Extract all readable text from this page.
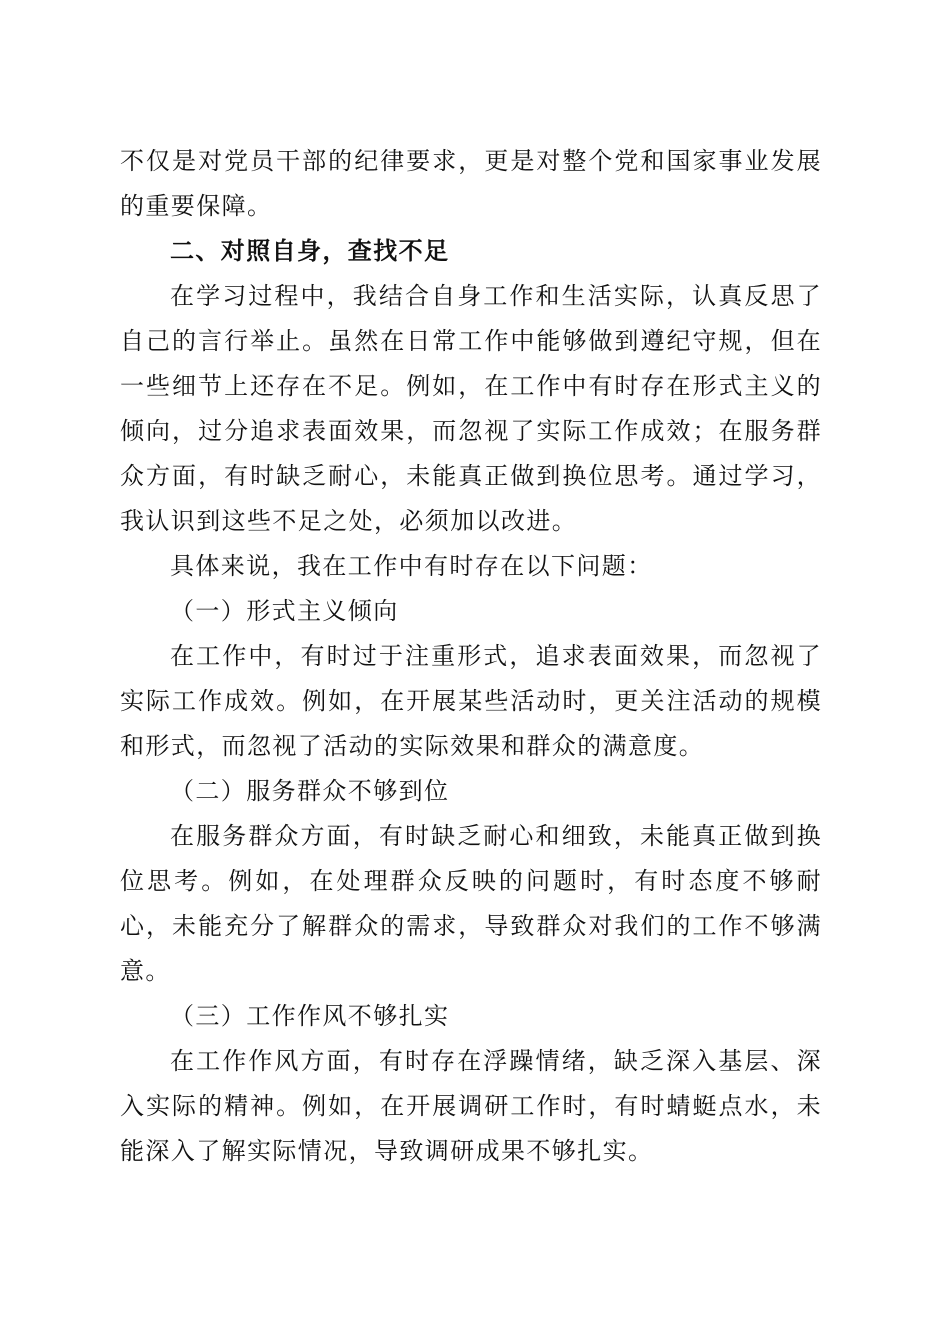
不仅是对党员干部的纪律要求，更是对整个党和国家事业发展的重要保障。

二、对照自身，查找不足

在学习过程中，我结合自身工作和生活实际，认真反思了自己的言行举止。虽然在日常工作中能够做到遵纪守规，但在一些细节上还存在不足。例如，在工作中有时存在形式主义的倾向，过分追求表面效果，而忽视了实际工作成效；在服务群众方面，有时缺乏耐心，未能真正做到换位思考。通过学习，我认识到这些不足之处，必须加以改进。

具体来说，我在工作中有时存在以下问题：

（一）形式主义倾向

在工作中，有时过于注重形式，追求表面效果，而忽视了实际工作成效。例如，在开展某些活动时，更关注活动的规模和形式，而忽视了活动的实际效果和群众的满意度。

（二）服务群众不够到位

在服务群众方面，有时缺乏耐心和细致，未能真正做到换位思考。例如，在处理群众反映的问题时，有时态度不够耐心，未能充分了解群众的需求，导致群众对我们的工作不够满意。

（三）工作作风不够扎实

在工作作风方面，有时存在浮躁情绪，缺乏深入基层、深入实际的精神。例如，在开展调研工作时，有时蜻蜓点水，未能深入了解实际情况，导致调研成果不够扎实。
